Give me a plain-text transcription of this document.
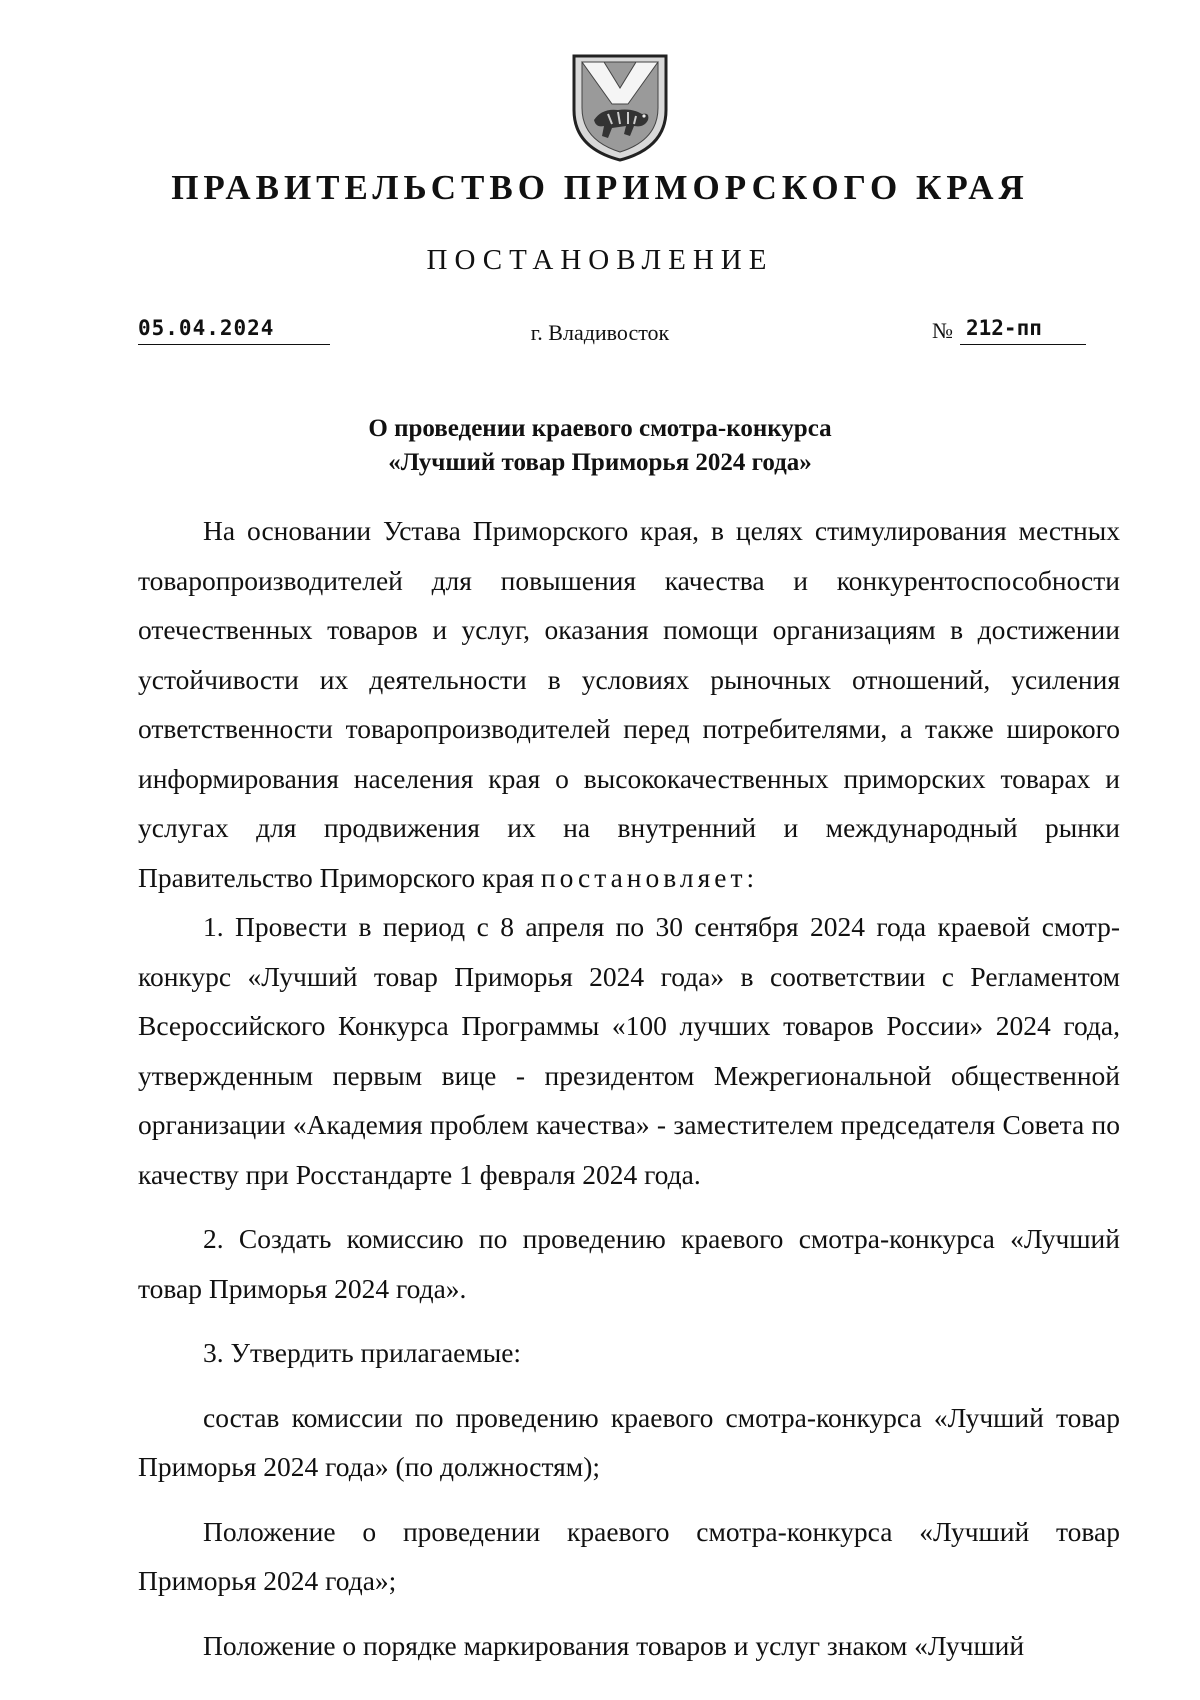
ПРАВИТЕЛЬСТВО ПРИМОРСКОГО КРАЯ
ПОСТАНОВЛЕНИЕ
05.04.2024	г. Владивосток	№ 212-пп
О проведении краевого смотра-конкурса
«Лучший товар Приморья 2024 года»

На основании Устава Приморского края, в целях стимулирования местных товаропроизводителей для повышения качества и конкурентоспособности отечественных товаров и услуг, оказания помощи организациям в достижении устойчивости их деятельности в условиях рыночных отношений, усиления ответственности товаропроизводителей перед потребителями, а также широкого информирования населения края о высококачественных приморских товарах и услугах для продвижения их на внутренний и международный рынки Правительство Приморского края постановляет:

1. Провести в период с 8 апреля по 30 сентября 2024 года краевой смотр-конкурс «Лучший товар Приморья 2024 года» в соответствии с Регламентом Всероссийского Конкурса Программы «100 лучших товаров России» 2024 года, утвержденным первым вице - президентом Межрегиональной общественной организации «Академия проблем качества» - заместителем председателя Совета по качеству при Росстандарте 1 февраля 2024 года.

2. Создать комиссию по проведению краевого смотра-конкурса «Лучший товар Приморья 2024 года».

3. Утвердить прилагаемые:

состав комиссии по проведению краевого смотра-конкурса «Лучший товар Приморья 2024 года» (по должностям);

Положение о проведении краевого смотра-конкурса «Лучший товар Приморья 2024 года»;

Положение о порядке маркирования товаров и услуг знаком «Лучший
